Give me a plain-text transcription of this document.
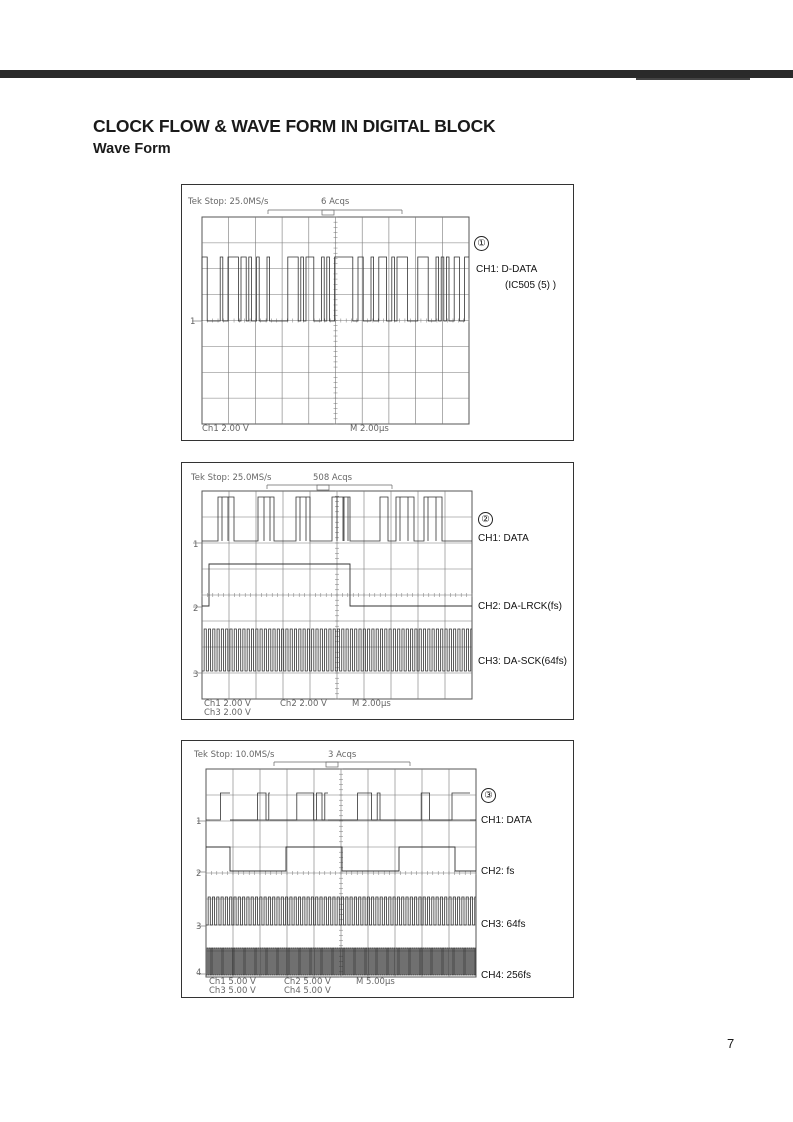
CLOCK FLOW & WAVE FORM IN DIGITAL BLOCK
Wave Form
Tek Stop: 25.0MS/s	6 Acqs
Ch1 2.00 V	M 2.00µs
1
①
CH1: D-DATA
(IC505 (5) )
Tek Stop: 25.0MS/s	508 Acqs
Ch1 2.00 V
Ch3 2.00 V
Ch2 2.00 V	M 2.00µs
1
2
3
②
CH1: DATA
CH2: DA-LRCK(fs)
CH3: DA-SCK(64fs)
Tek Stop: 10.0MS/s	3 Acqs
Ch1 5.00 V
Ch3 5.00 V
Ch2 5.00 V
Ch4 5.00 V
M 5.00µs
1
2
3
4
③
CH1: DATA
CH2: fs
CH3: 64fs
CH4: 256fs
7
